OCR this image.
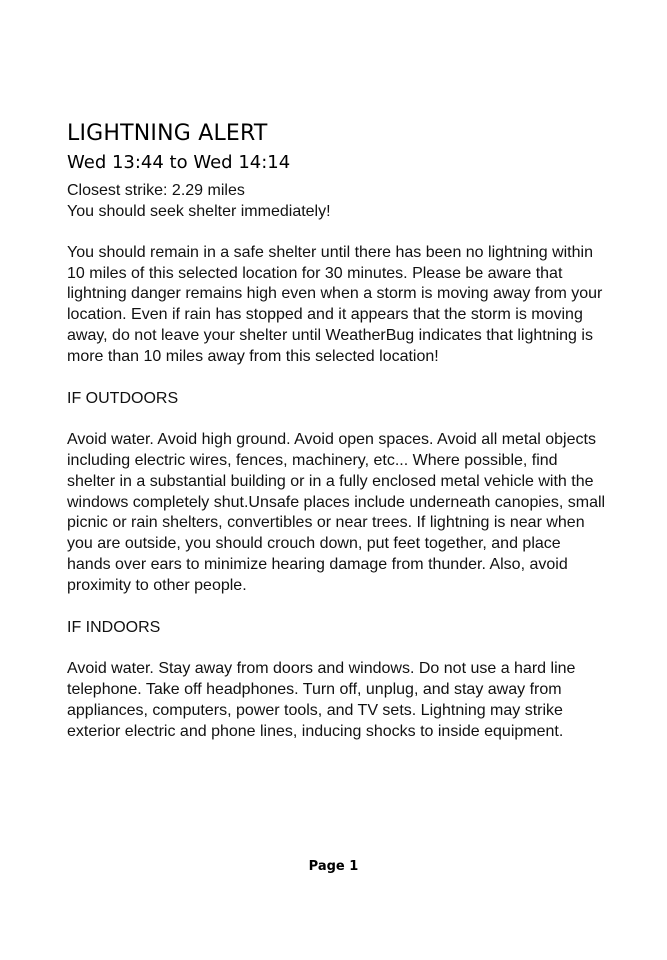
LIGHTNING ALERT
Wed 13:44 to Wed 14:14

Closest strike: 2.29 miles

You should seek shelter immediately!

You should remain in a safe shelter until there has been no lightning within 10 miles of this selected location for 30 minutes. Please be aware that lightning danger remains high even when a storm is moving away from your location. Even if rain has stopped and it appears that the storm is moving away, do not leave your shelter until WeatherBug indicates that lightning is more than 10 miles away from this selected location!

IF OUTDOORS

Avoid water. Avoid high ground. Avoid open spaces. Avoid all metal objects including electric wires, fences, machinery, etc... Where possible, find shelter in a substantial building or in a fully enclosed metal vehicle with the windows completely shut.Unsafe places include underneath canopies, small picnic or rain shelters, convertibles or near trees. If lightning is near when you are outside, you should crouch down, put feet together, and place hands over ears to minimize hearing damage from thunder. Also, avoid proximity to other people.

IF INDOORS

Avoid water. Stay away from doors and windows. Do not use a hard line telephone. Take off headphones. Turn off, unplug, and stay away from appliances, computers, power tools, and TV sets. Lightning may strike exterior electric and phone lines, inducing shocks to inside equipment.

Page 1
